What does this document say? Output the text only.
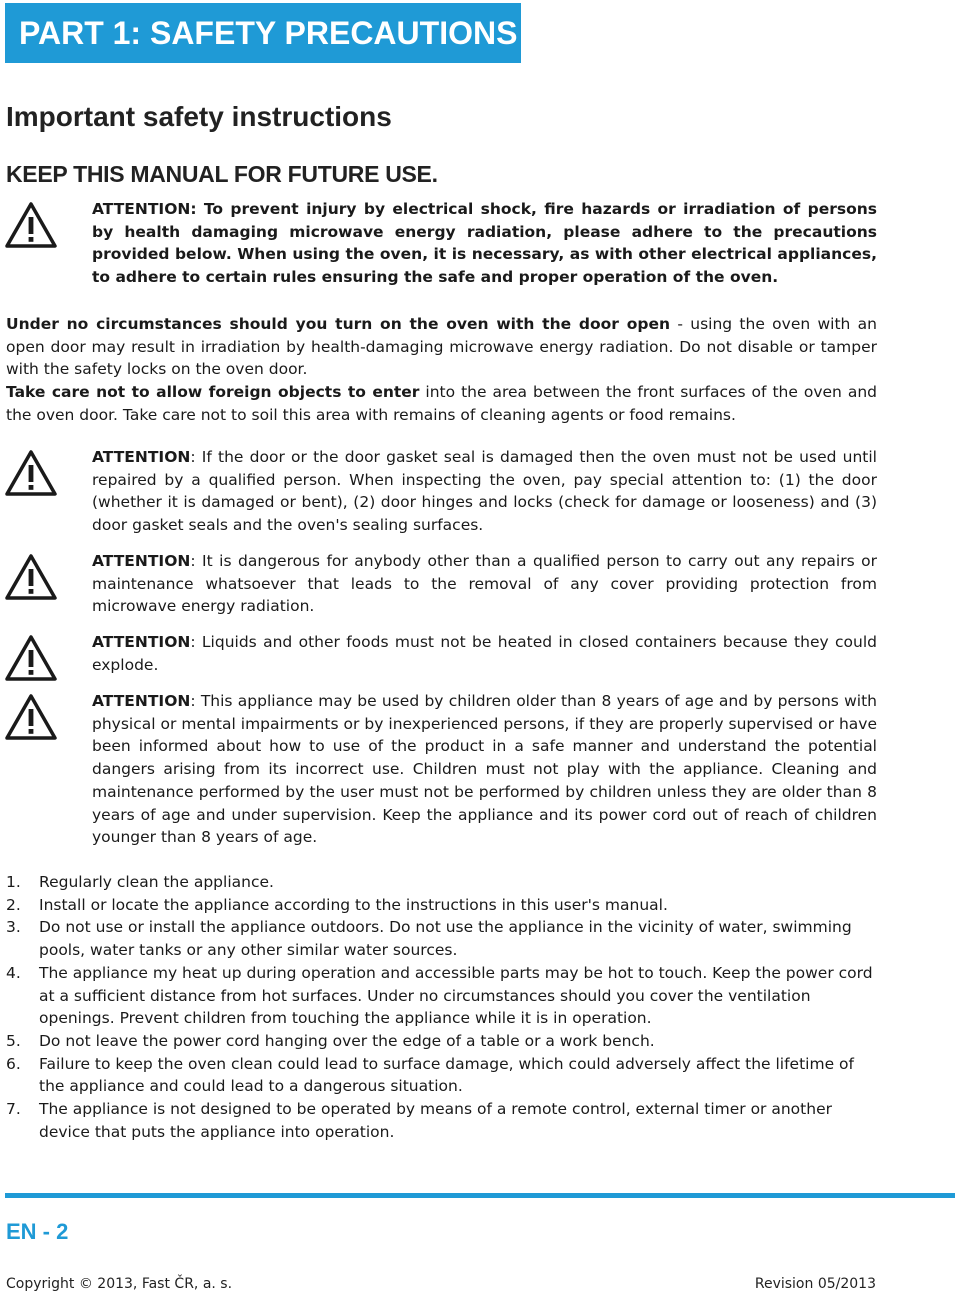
PART 1: SAFETY PRECAUTIONS
Important safety instructions
KEEP THIS MANUAL FOR FUTURE USE.
ATTENTION: To prevent injury by electrical shock, fire hazards or irradiation of persons by health damaging microwave energy radiation, please adhere to the precautions provided below. When using the oven, it is necessary, as with other electrical appliances, to adhere to certain rules ensuring the safe and proper operation of the oven.
Under no circumstances should you turn on the oven with the door open - using the oven with an open door may result in irradiation by health-damaging microwave energy radiation. Do not disable or tamper with the safety locks on the oven door.
Take care not to allow foreign objects to enter into the area between the front surfaces of the oven and the oven door. Take care not to soil this area with remains of cleaning agents or food remains.
ATTENTION: If the door or the door gasket seal is damaged then the oven must not be used until repaired by a qualified person. When inspecting the oven, pay special attention to: (1) the door (whether it is damaged or bent), (2) door hinges and locks (check for damage or looseness) and (3) door gasket seals and the oven's sealing surfaces.
ATTENTION: It is dangerous for anybody other than a qualified person to carry out any repairs or maintenance whatsoever that leads to the removal of any cover providing protection from microwave energy radiation.
ATTENTION: Liquids and other foods must not be heated in closed containers because they could explode.
ATTENTION: This appliance may be used by children older than 8 years of age and by persons with physical or mental impairments or by inexperienced persons, if they are properly supervised or have been informed about how to use of the product in a safe manner and understand the potential dangers arising from its incorrect use. Children must not play with the appliance. Cleaning and maintenance performed by the user must not be performed by children unless they are older than 8 years of age and under supervision. Keep the appliance and its power cord out of reach of children younger than 8 years of age.
1. Regularly clean the appliance.
2. Install or locate the appliance according to the instructions in this user's manual.
3. Do not use or install the appliance outdoors. Do not use the appliance in the vicinity of water, swimming pools, water tanks or any other similar water sources.
4. The appliance my heat up during operation and accessible parts may be hot to touch. Keep the power cord at a sufficient distance from hot surfaces. Under no circumstances should you cover the ventilation openings. Prevent children from touching the appliance while it is in operation.
5. Do not leave the power cord hanging over the edge of a table or a work bench.
6. Failure to keep the oven clean could lead to surface damage, which could adversely affect the lifetime of the appliance and could lead to a dangerous situation.
7. The appliance is not designed to be operated by means of a remote control, external timer or another device that puts the appliance into operation.
EN - 2
Copyright © 2013, Fast ČR, a. s.	Revision 05/2013
